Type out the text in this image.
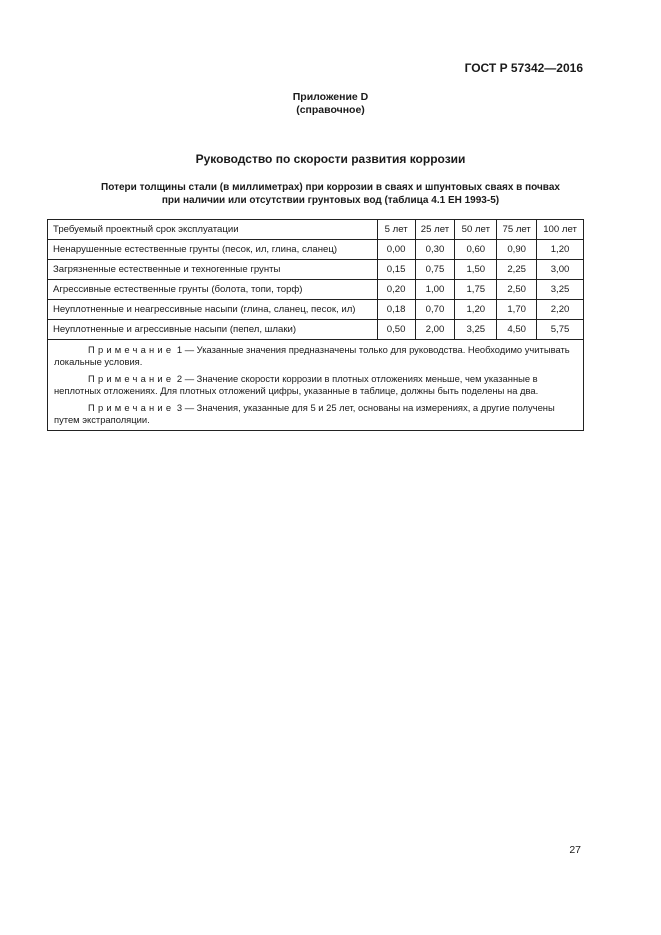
ГОСТ Р 57342—2016
Приложение D
(справочное)
Руководство по скорости развития коррозии
Потери толщины стали (в миллиметрах) при коррозии в сваях и шпунтовых сваях в почвах
при наличии или отсутствии грунтовых вод (таблица 4.1 ЕН 1993-5)
Требуемый проектный срок эксплуатации	5 лет	25 лет	50 лет	75 лет	100 лет
Ненарушенные естественные грунты (песок, ил, глина, сланец)	0,00	0,30	0,60	0,90	1,20
Загрязненные естественные и техногенные грунты	0,15	0,75	1,50	2,25	3,00
Агрессивные естественные грунты (болота, топи, торф)	0,20	1,00	1,75	2,50	3,25
Неуплотненные и неагрессивные насыпи (глина, сланец, песок, ил)	0,18	0,70	1,20	1,70	2,20
Неуплотненные и агрессивные насыпи (пепел, шлаки)	0,50	2,00	3,25	4,50	5,75

Примечание 1 — Указанные значения предназначены только для руководства. Необходимо учитывать локальные условия.

Примечание 2 — Значение скорости коррозии в плотных отложениях меньше, чем указанные в неплотных отложениях. Для плотных отложений цифры, указанные в таблице, должны быть поделены на два.

Примечание 3 — Значения, указанные для 5 и 25 лет, основаны на измерениях, а другие получены путем экстраполяции.					

27
